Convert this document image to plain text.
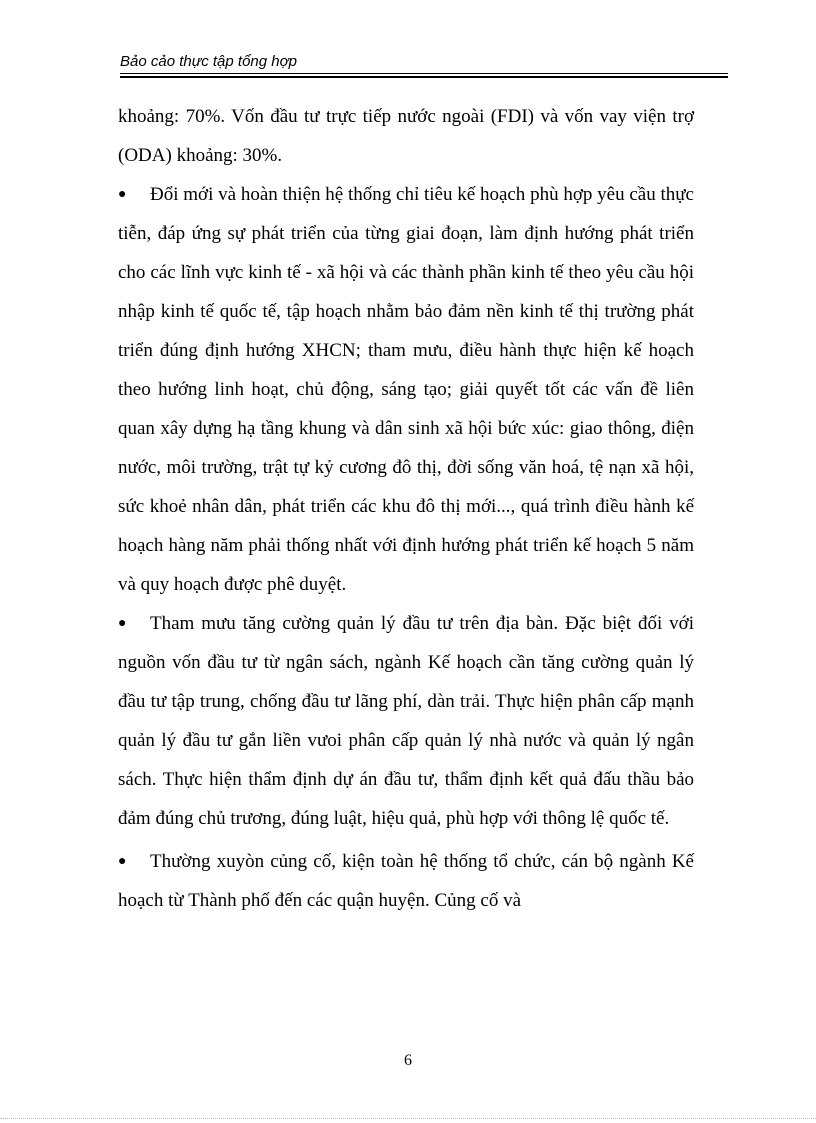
Bảo cảo thực tập tổng hợp

khoảng: 70%. Vốn đầu tư trực tiếp nước ngoài (FDI) và vốn vay viện trợ (ODA) khoảng: 30%.

● Đổi mới và hoàn thiện hệ thống chỉ tiêu kế hoạch phù hợp yêu cầu thực tiễn, đáp ứng sự phát triển của từng giai đoạn, làm định hướng phát triển cho các lĩnh vực kinh tế - xã hội và các thành phần kinh tế theo yêu cầu hội nhập kinh tế quốc tế, tập hoạch nhằm bảo đảm nền kinh tế thị trường phát triển đúng định hướng XHCN; tham mưu, điều hành thực hiện kế hoạch theo hướng linh hoạt, chủ động, sáng tạo; giải quyết tốt các vấn đề liên quan xây dựng hạ tầng khung và dân sinh xã hội bức xúc: giao thông, điện nước, môi trường, trật tự kỷ cương đô thị, đời sống văn hoá, tệ nạn xã hội, sức khoẻ nhân dân, phát triển các khu đô thị mới..., quá trình điều hành kế hoạch hàng năm phải thống nhất với định hướng phát triển kế hoạch 5 năm và quy hoạch được phê duyệt.

● Tham mưu tăng cường quản lý đầu tư trên địa bàn. Đặc biệt đối với nguồn vốn đầu tư từ ngân sách, ngành Kế hoạch cần tăng cường quản lý đầu tư tập trung, chống đầu tư lãng phí, dàn trải. Thực hiện phân cấp mạnh quản lý đầu tư gắn liền vưoi phân cấp quản lý nhà nước và quản lý ngân sách. Thực hiện thẩm định dự án đầu tư, thẩm định kết quả đấu thầu bảo đảm đúng chủ trương, đúng luật, hiệu quả, phù hợp với thông lệ quốc tế.

● Thường xuyòn củng cố, kiện toàn hệ thống tổ chức, cán bộ ngành Kế hoạch từ Thành phố đến các quận huyện. Củng cố và

6
